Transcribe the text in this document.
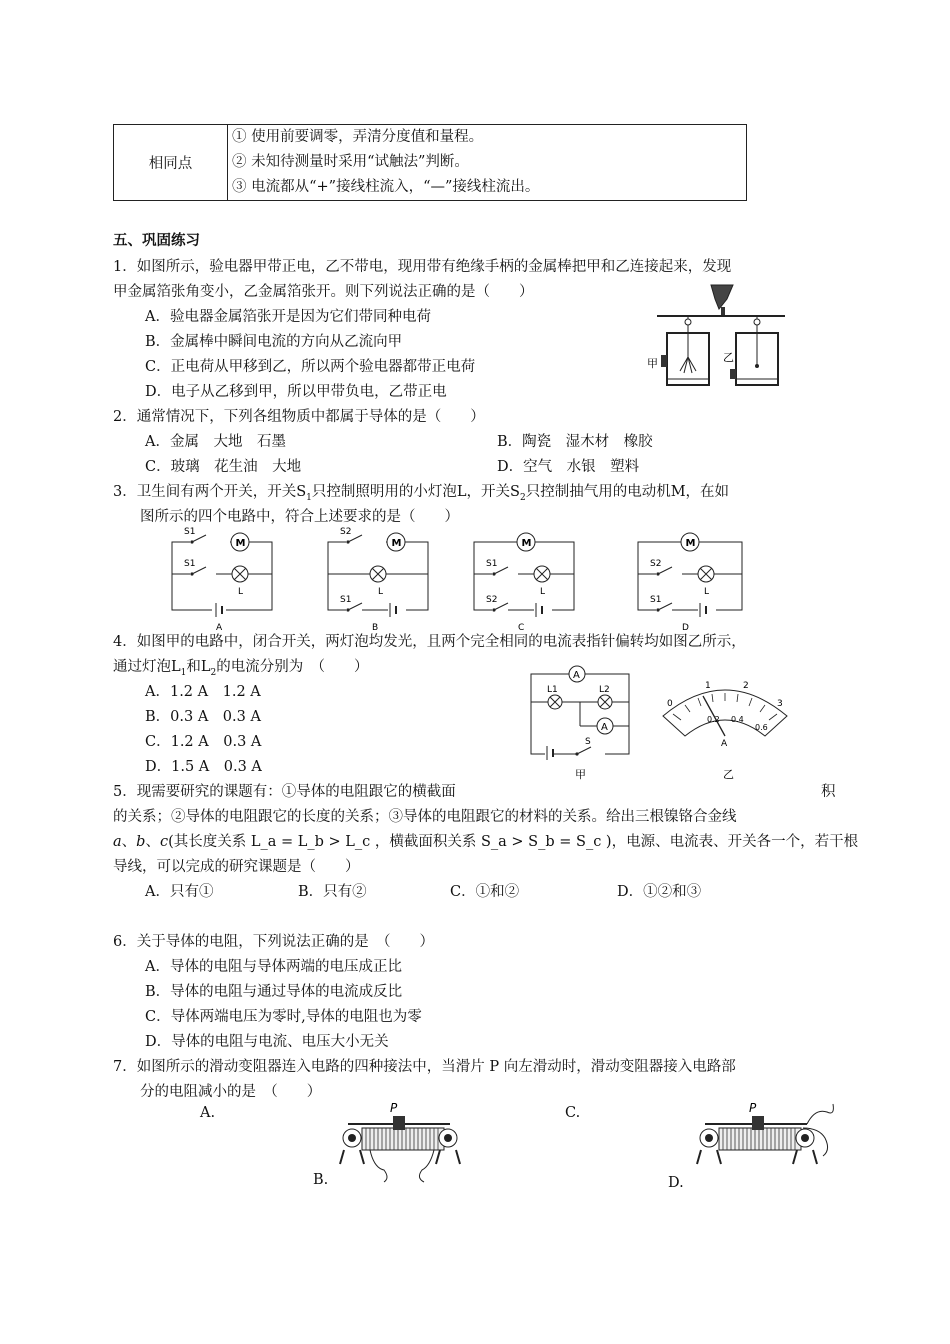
相同点	
① 使用前要调零，弄清分度值和量程。
② 未知待测量时采用“试触法”判断。
③ 电流都从“+”接线柱流入，“—”接线柱流出。
五、巩固练习
1．如图所示，验电器甲带正电，乙不带电，现用带有绝缘手柄的金属棒把甲和乙连接起来，发现
甲金属箔张角变小，乙金属箔张开。则下列说法正确的是（　　）
A．验电器金属箔张开是因为它们带同种电荷
B．金属棒中瞬间电流的方向从乙流向甲
C．正电荷从甲移到乙，所以两个验电器都带正电荷
D．电子从乙移到甲，所以甲带负电，乙带正电
甲	乙
2．通常情况下，下列各组物质中都属于导体的是（　　）
A．金属　大地　石墨	B．陶瓷　湿木材　橡胶
C．玻璃　花生油　大地	D．空气　水银　塑料
3．卫生间有两个开关，开关$S_1$只控制照明用的小灯泡L，开关$S_2$只控制抽气用的电动机M，在如
图所示的四个电路中，符合上述要求的是（　　）
M
S1
S1
L
A
M
S2
L
S1
B
M
S1
L
S2
C
M
S2
L
S1
D
4．如图甲的电路中，闭合开关，两灯泡均发光，且两个完全相同的电流表指针偏转均如图乙所示，
通过灯泡$L_1$和$L_2$的电流分别为　（　　）
A．1.2 A　1.2 A
B．0.3 A　0.3 A
C．1.2 A　0.3 A
D．1.5 A　0.3 A
A
L1	L2
A
S
甲
0
1	2
3
0.2 0.4
0.6
A
乙
5．现需要研究的课题有：①导体的电阻跟它的横截面	积
的关系；②导体的电阻跟它的长度的关系；③导体的电阻跟它的材料的关系。给出三根镍铬合金线
a、b、c(其长度关系 L_a = L_b > L_c ，横截面积关系 S_a > S_b = S_c )，电源、电流表、开关各一个，若干根
导线，可以完成的研究课题是（　　）
A．只有①	B．只有②	C．①和②	D．①②和③
6．关于导体的电阻，下列说法正确的是　（　　）
A．导体的电阻与导体两端的电压成正比
B．导体的电阻与通过导体的电流成反比
C．导体两端电压为零时,导体的电阻也为零
D．导体的电阻与电流、电压大小无关
7．如图所示的滑动变阻器连入电路的四种接法中，当滑片 P 向左滑动时，滑动变阻器接入电路部
分的电阻减小的是　（　　）
A.
B.
C.
D.
P	P
